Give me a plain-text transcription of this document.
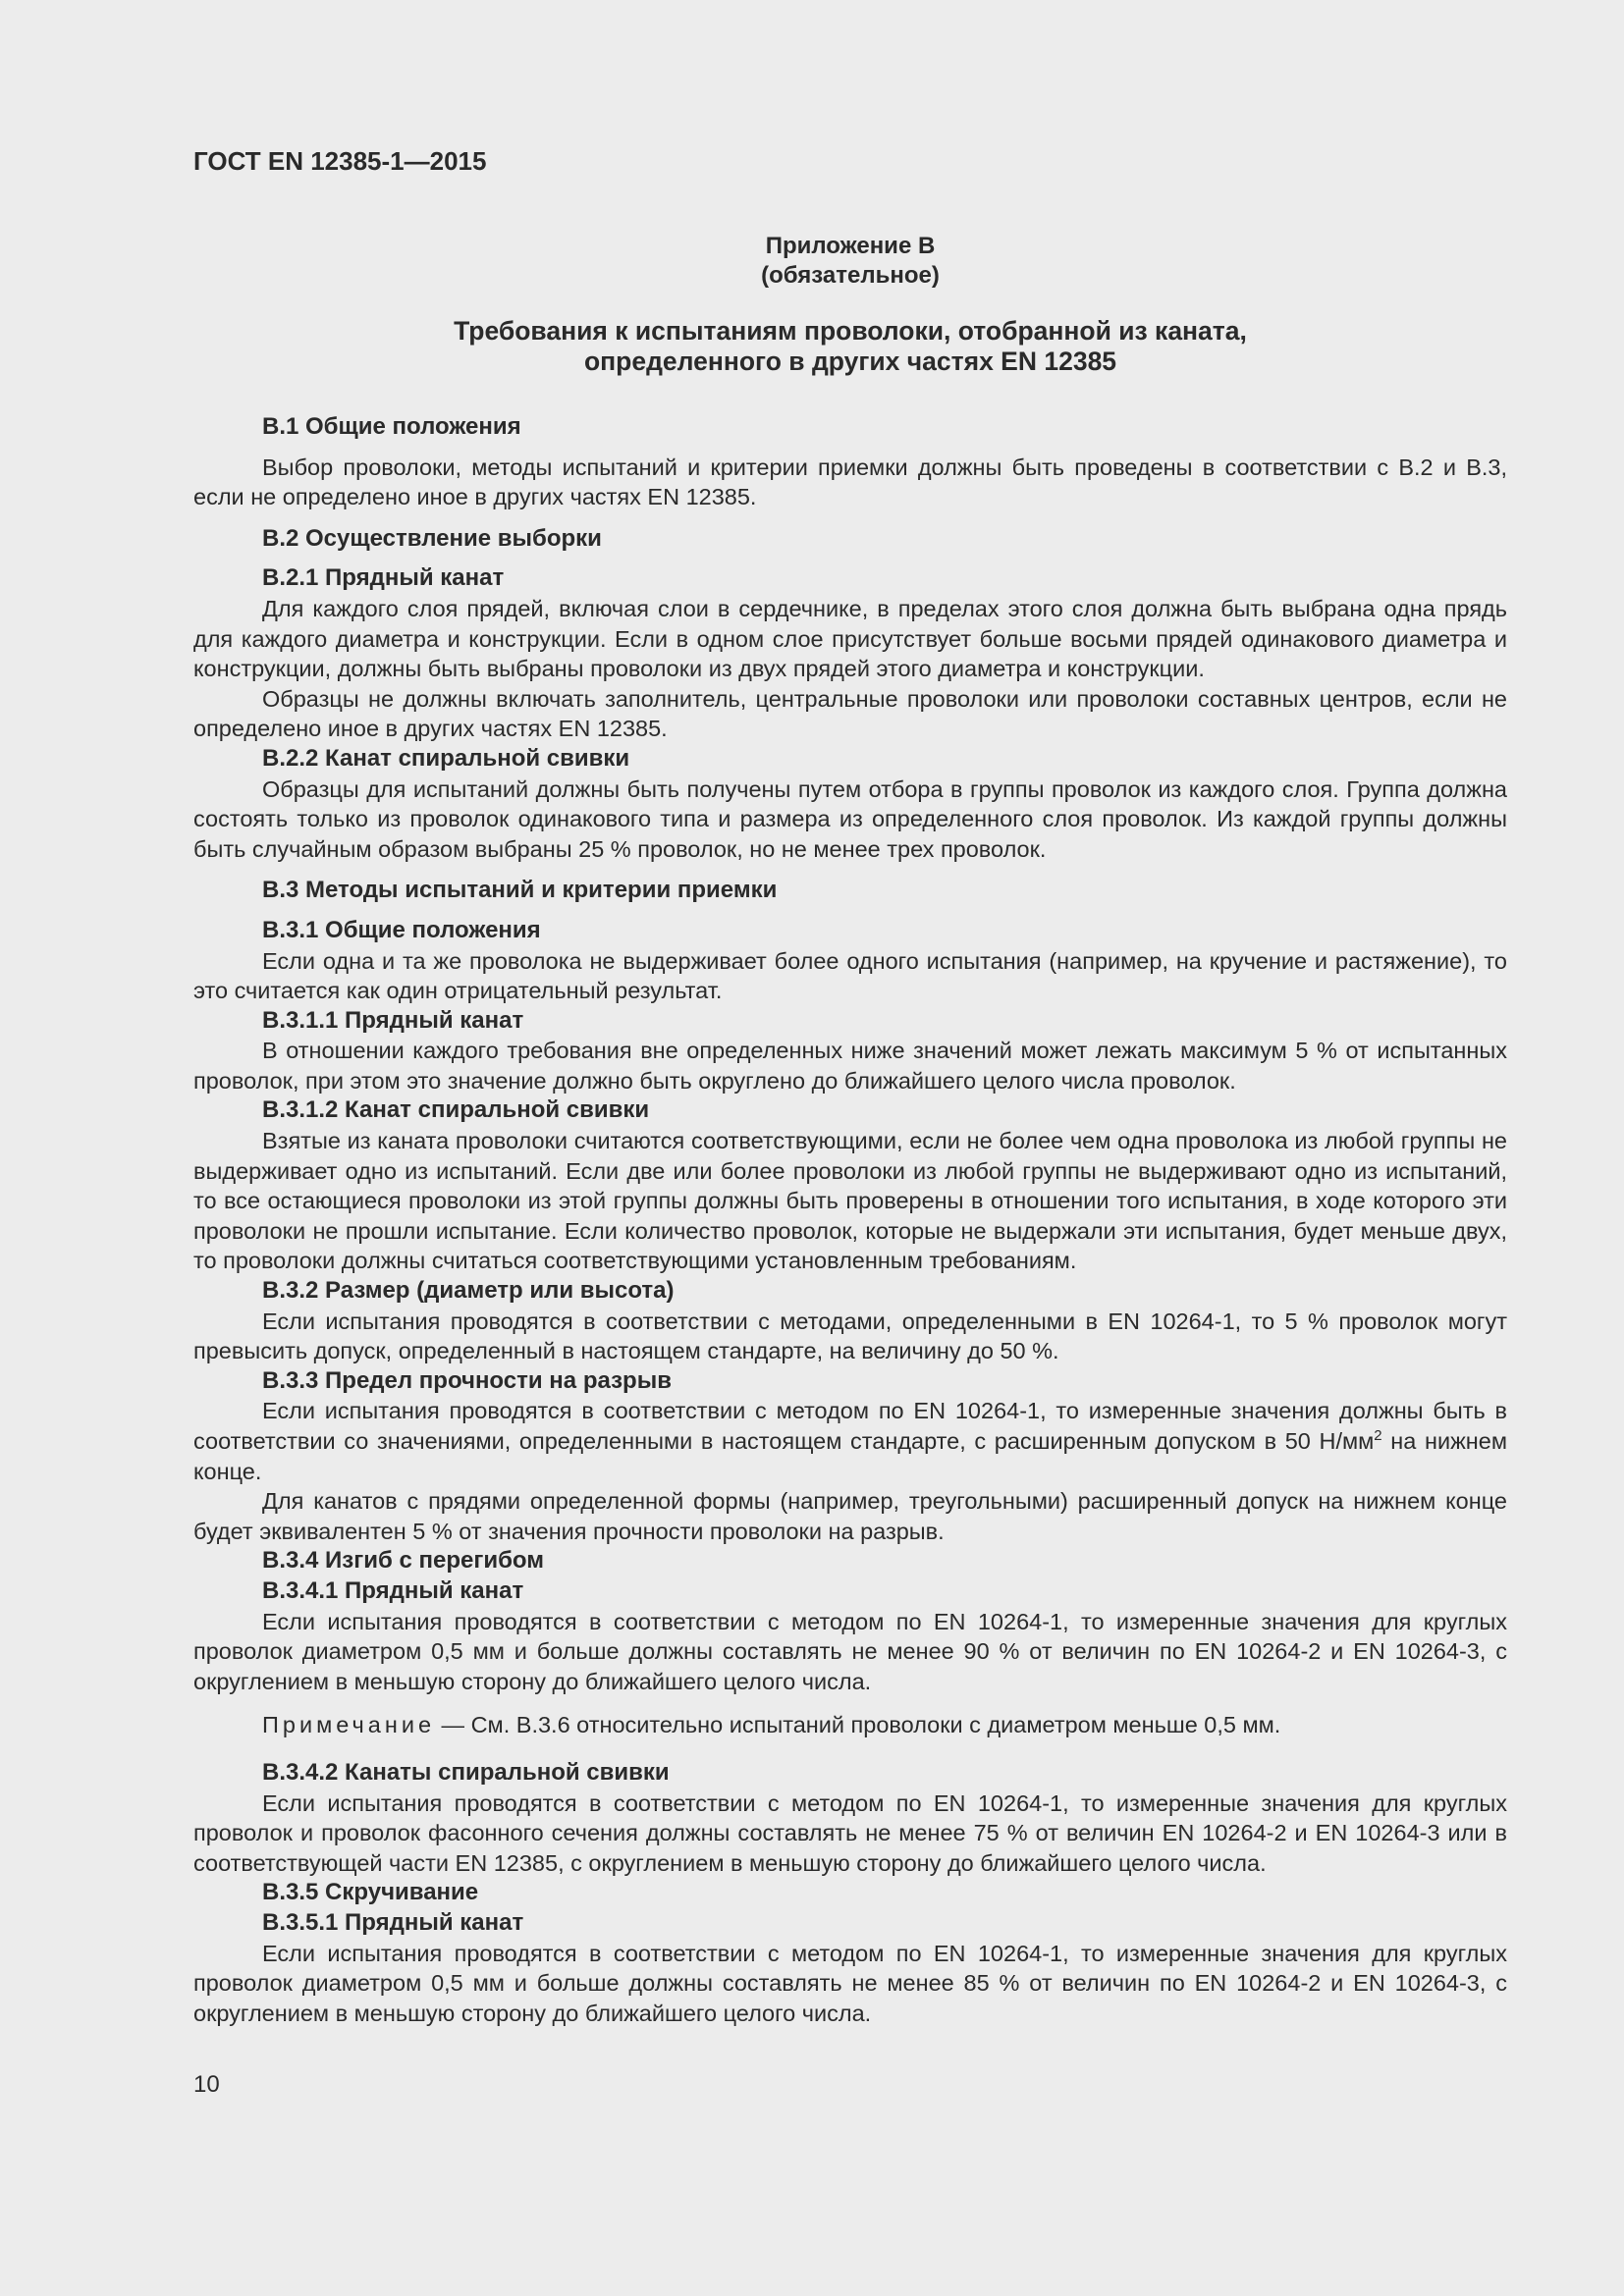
ГОСТ EN 12385-1—2015
Приложение В
(обязательное)
Требования к испытаниям проволоки, отобранной из каната,
определенного в других частях EN 12385
В.1 Общие положения

Выбор проволоки, методы испытаний и критерии приемки должны быть проведены в соответствии с В.2 и В.3, если не определено иное в других частях EN 12385.

В.2 Осуществление выборки
В.2.1 Прядный канат

Для каждого слоя прядей, включая слои в сердечнике, в пределах этого слоя должна быть выбрана одна прядь для каждого диаметра и конструкции. Если в одном слое присутствует больше восьми прядей одинакового диаметра и конструкции, должны быть выбраны проволоки из двух прядей этого диаметра и конструкции.

Образцы не должны включать заполнитель, центральные проволоки или проволоки составных центров, если не определено иное в других частях EN 12385.

В.2.2 Канат спиральной свивки

Образцы для испытаний должны быть получены путем отбора в группы проволок из каждого слоя. Группа должна состоять только из проволок одинакового типа и размера из определенного слоя проволок. Из каждой группы должны быть случайным образом выбраны 25 % проволок, но не менее трех проволок.

В.3 Методы испытаний и критерии приемки
В.3.1 Общие положения

Если одна и та же проволока не выдерживает более одного испытания (например, на кручение и растяжение), то это считается как один отрицательный результат.

В.3.1.1 Прядный канат

В отношении каждого требования вне определенных ниже значений может лежать максимум 5 % от испытанных проволок, при этом это значение должно быть округлено до ближайшего целого числа проволок.

В.3.1.2 Канат спиральной свивки

Взятые из каната проволоки считаются соответствующими, если не более чем одна проволока из любой группы не выдерживает одно из испытаний. Если две или более проволоки из любой группы не выдерживают одно из испытаний, то все остающиеся проволоки из этой группы должны быть проверены в отношении того испытания, в ходе которого эти проволоки не прошли испытание. Если количество проволок, которые не выдержали эти испытания, будет меньше двух, то проволоки должны считаться соответствующими установленным требованиям.

В.3.2 Размер (диаметр или высота)

Если испытания проводятся в соответствии с методами, определенными в EN 10264-1, то 5 % проволок могут превысить допуск, определенный в настоящем стандарте, на величину до 50 %.

В.3.3 Предел прочности на разрыв

Если испытания проводятся в соответствии с методом по EN 10264-1, то измеренные значения должны быть в соответствии со значениями, определенными в настоящем стандарте, с расширенным допуском в 50 $Н/мм^2$ на нижнем конце.

Для канатов с прядями определенной формы (например, треугольными) расширенный допуск на нижнем конце будет эквивалентен 5 % от значения прочности проволоки на разрыв.

В.3.4 Изгиб с перегибом
В.3.4.1 Прядный канат

Если испытания проводятся в соответствии с методом по EN 10264-1, то измеренные значения для круглых проволок диаметром 0,5 мм и больше должны составлять не менее 90 % от величин по EN 10264-2 и EN 10264-3, с округлением в меньшую сторону до ближайшего целого числа.

Примечание — См. В.3.6 относительно испытаний проволоки с диаметром меньше 0,5 мм.
В.3.4.2 Канаты спиральной свивки

Если испытания проводятся в соответствии с методом по EN 10264-1, то измеренные значения для круглых проволок и проволок фасонного сечения должны составлять не менее 75 % от величин EN 10264-2 и EN 10264-3 или в соответствующей части EN 12385, с округлением в меньшую сторону до ближайшего целого числа.

В.3.5 Скручивание
В.3.5.1 Прядный канат

Если испытания проводятся в соответствии с методом по EN 10264-1, то измеренные значения для круглых проволок диаметром 0,5 мм и больше должны составлять не менее 85 % от величин по EN 10264-2 и EN 10264-3, с округлением в меньшую сторону до ближайшего целого числа.

10
